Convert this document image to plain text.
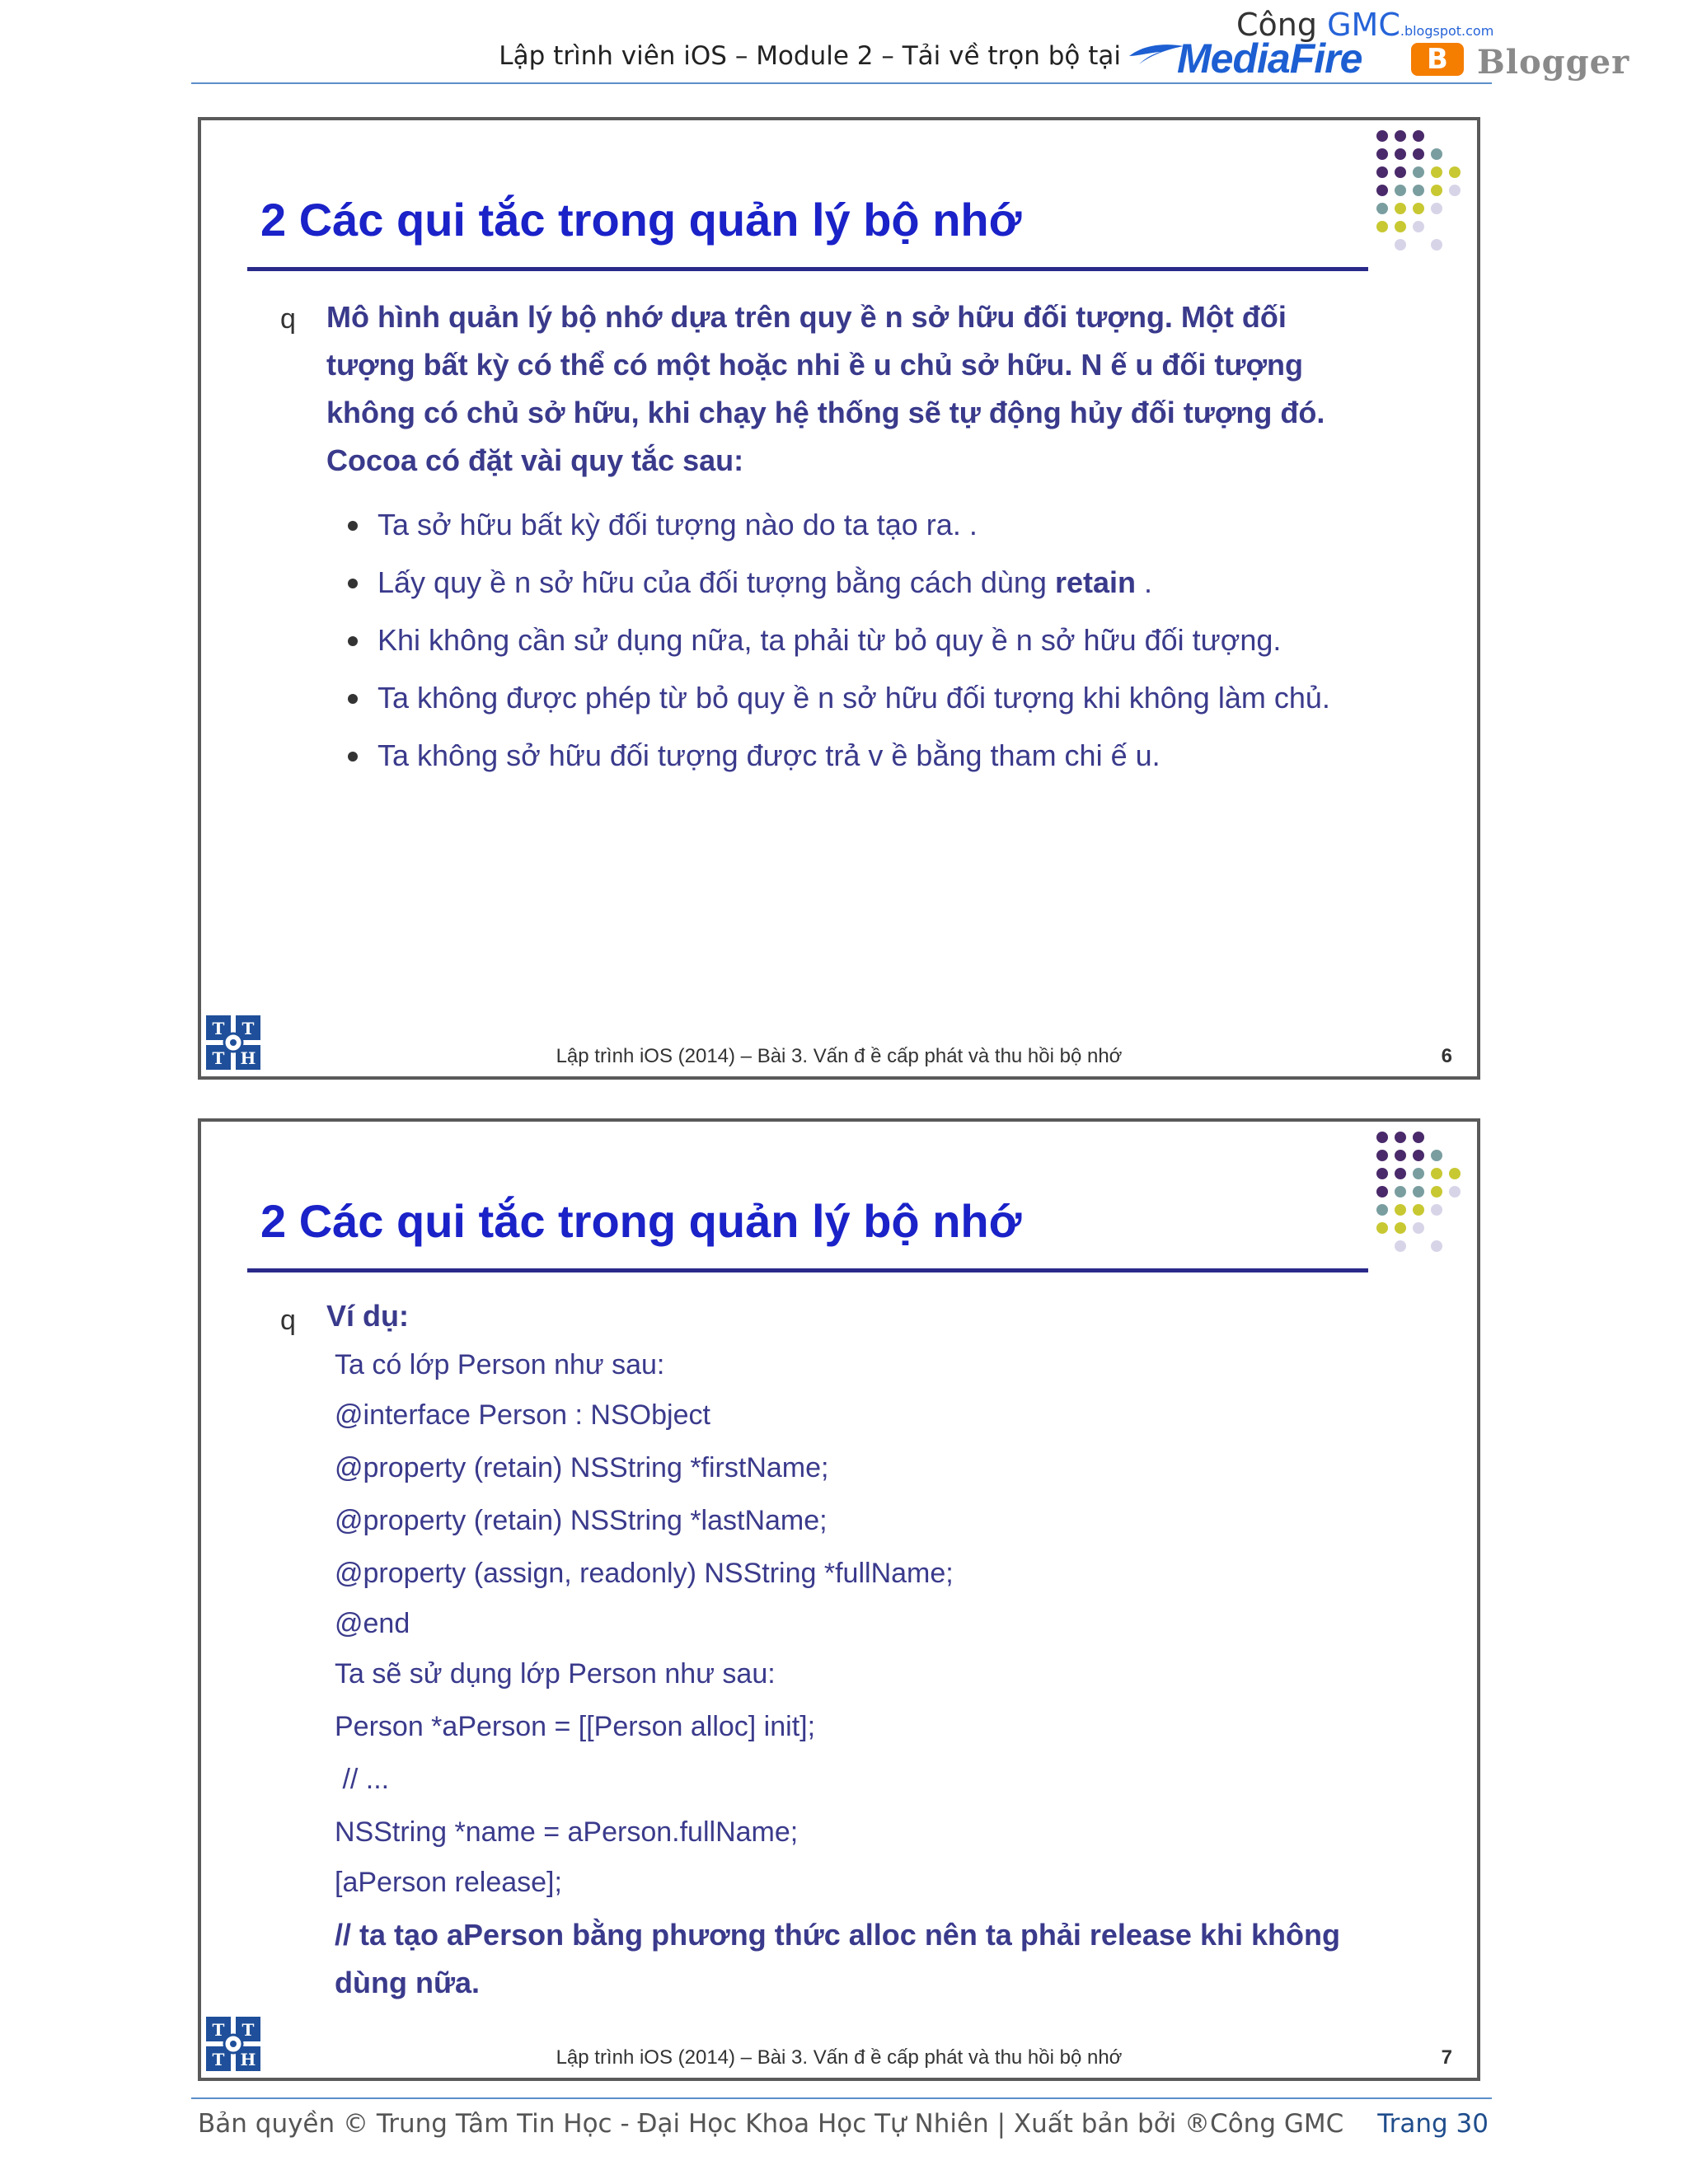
Lập trình viên iOS – Module 2 – Tải về trọn bộ tại
Công GMC.blogspot.com
MediaFire	B Blogger
2 Các qui tắc trong quản lý bộ nhớ
q Mô hình quản lý bộ nhớ dựa trên quy ề n sở hữu đối tượng. Một đối tượng bất kỳ có thể có một hoặc nhi ề u chủ sở hữu. N ế u đối tượng không có chủ sở hữu, khi chạy hệ thống sẽ tự động hủy đối tượng đó. Cocoa có đặt vài quy tắc sau:
Ta sở hữu bất kỳ đối tượng nào do ta tạo ra. .
Lấy quy ề n sở hữu của đối tượng bằng cách dùng retain .
Khi không cần sử dụng nữa, ta phải từ bỏ quy ề n sở hữu đối tượng.
Ta không được phép từ bỏ quy ề n sở hữu đối tượng khi không làm chủ.
Ta không sở hữu đối tượng được trả v ề bằng tham chi ế u.
T T
T H	Lập trình iOS (2014) – Bài 3. Vấn đ ề cấp phát và thu hồi bộ nhớ	6
2 Các qui tắc trong quản lý bộ nhớ
q Ví dụ:
Ta có lớp Person như sau:
@interface Person : NSObject
@property (retain) NSString *firstName;
@property (retain) NSString *lastName;
@property (assign, readonly) NSString *fullName;
@end
Ta sẽ sử dụng lớp Person như sau:
Person *aPerson = [[Person alloc] init];
// ...
NSString *name = aPerson.fullName;
[aPerson release];
// ta tạo aPerson bằng phương thức alloc nên ta phải release khi không dùng nữa.
T T
T H	Lập trình iOS (2014) – Bài 3. Vấn đ ề cấp phát và thu hồi bộ nhớ	7
Bản quyền © Trung Tâm Tin Học - Đại Học Khoa Học Tự Nhiên | Xuất bản bởi ®Công GMC Trang 30
